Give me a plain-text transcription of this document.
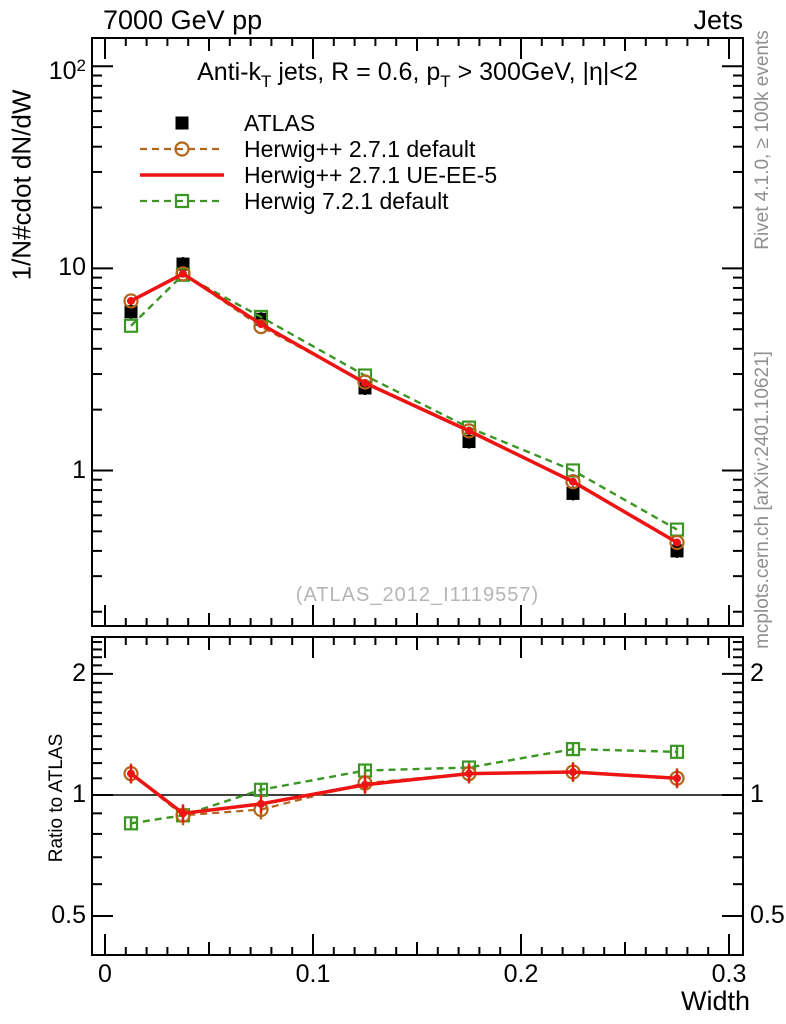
7000 GeV pp	Jets
Anti-$k_T$ jets, R = 0.6, $p_T > 300GeV$, |η|<2
ATLAS
Herwig++ 2.7.1 default
Herwig++ 2.7.1 UE-EE-5
Herwig 7.2.1 default
(ATLAS_2012_I1119557)
1/N#cdot dN/dW
Ratio to ATLAS
Rivet 4.1.0, ≥ 100k events
mcplots.cern.ch [arXiv:2401.10621]
$10^2$
10
1
2
1
0.5
2
1
0.5
0	0.1	0.2	0.3
Width
